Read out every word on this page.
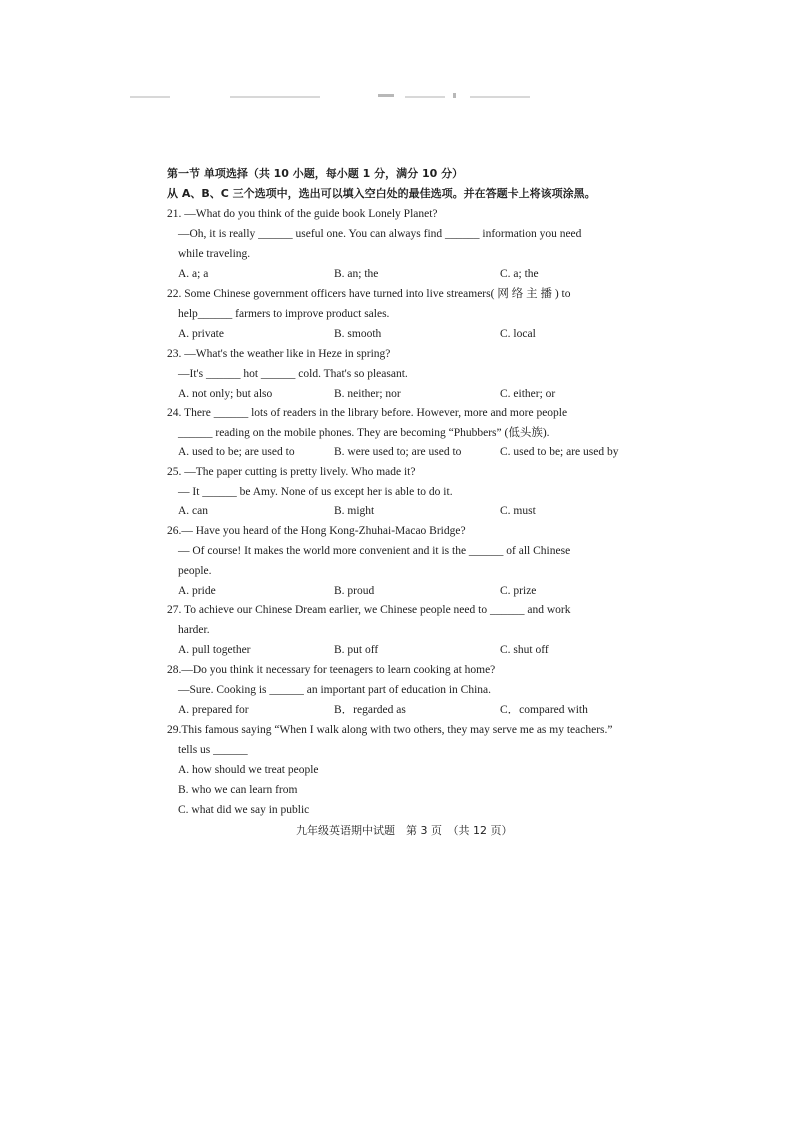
第一节 单项选择（共 10 小题，每小题 1 分，满分 10 分）
从 A、B、C 三个选项中，选出可以填入空白处的最佳选项。并在答题卡上将该项涂黑。
21. —What do you think of the guide book Lonely Planet?
—Oh, it is really ______ useful one. You can always find ______ information you need
while traveling.
A. a; a	B. an; the	C. a; the
22. Some Chinese government officers have turned into live streamers( 网 络 主 播 ) to
help______ farmers to improve product sales.
A. private	B. smooth	C. local
23. —What's the weather like in Heze in spring?
—It's ______ hot ______ cold. That's so pleasant.
A. not only; but also	B. neither; nor	C. either; or
24. There ______ lots of readers in the library before. However, more and more people
______ reading on the mobile phones. They are becoming “Phubbers” (低头族).
A. used to be; are used to	B. were used to; are used to	C. used to be; are used by
25. —The paper cutting is pretty lively. Who made it?
— It ______ be Amy. None of us except her is able to do it.
A. can	B. might	C. must
26.— Have you heard of the Hong Kong-Zhuhai-Macao Bridge?
— Of course! It makes the world more convenient and it is the ______ of all Chinese
people.
A. pride	B. proud	C. prize
27. To achieve our Chinese Dream earlier, we Chinese people need to ______ and work
harder.
A. pull together	B. put off	C. shut off
28.—Do you think it necessary for teenagers to learn cooking at home?
—Sure. Cooking is ______ an important part of education in China.
A. prepared for	B．regarded as	C．compared with
29.This famous saying “When I walk along with two others, they may serve me as my teachers.”
tells us ______
A. how should we treat people
B. who we can learn from
C. what did we say in public
九年级英语期中试题　第 3 页　（共 12 页）
